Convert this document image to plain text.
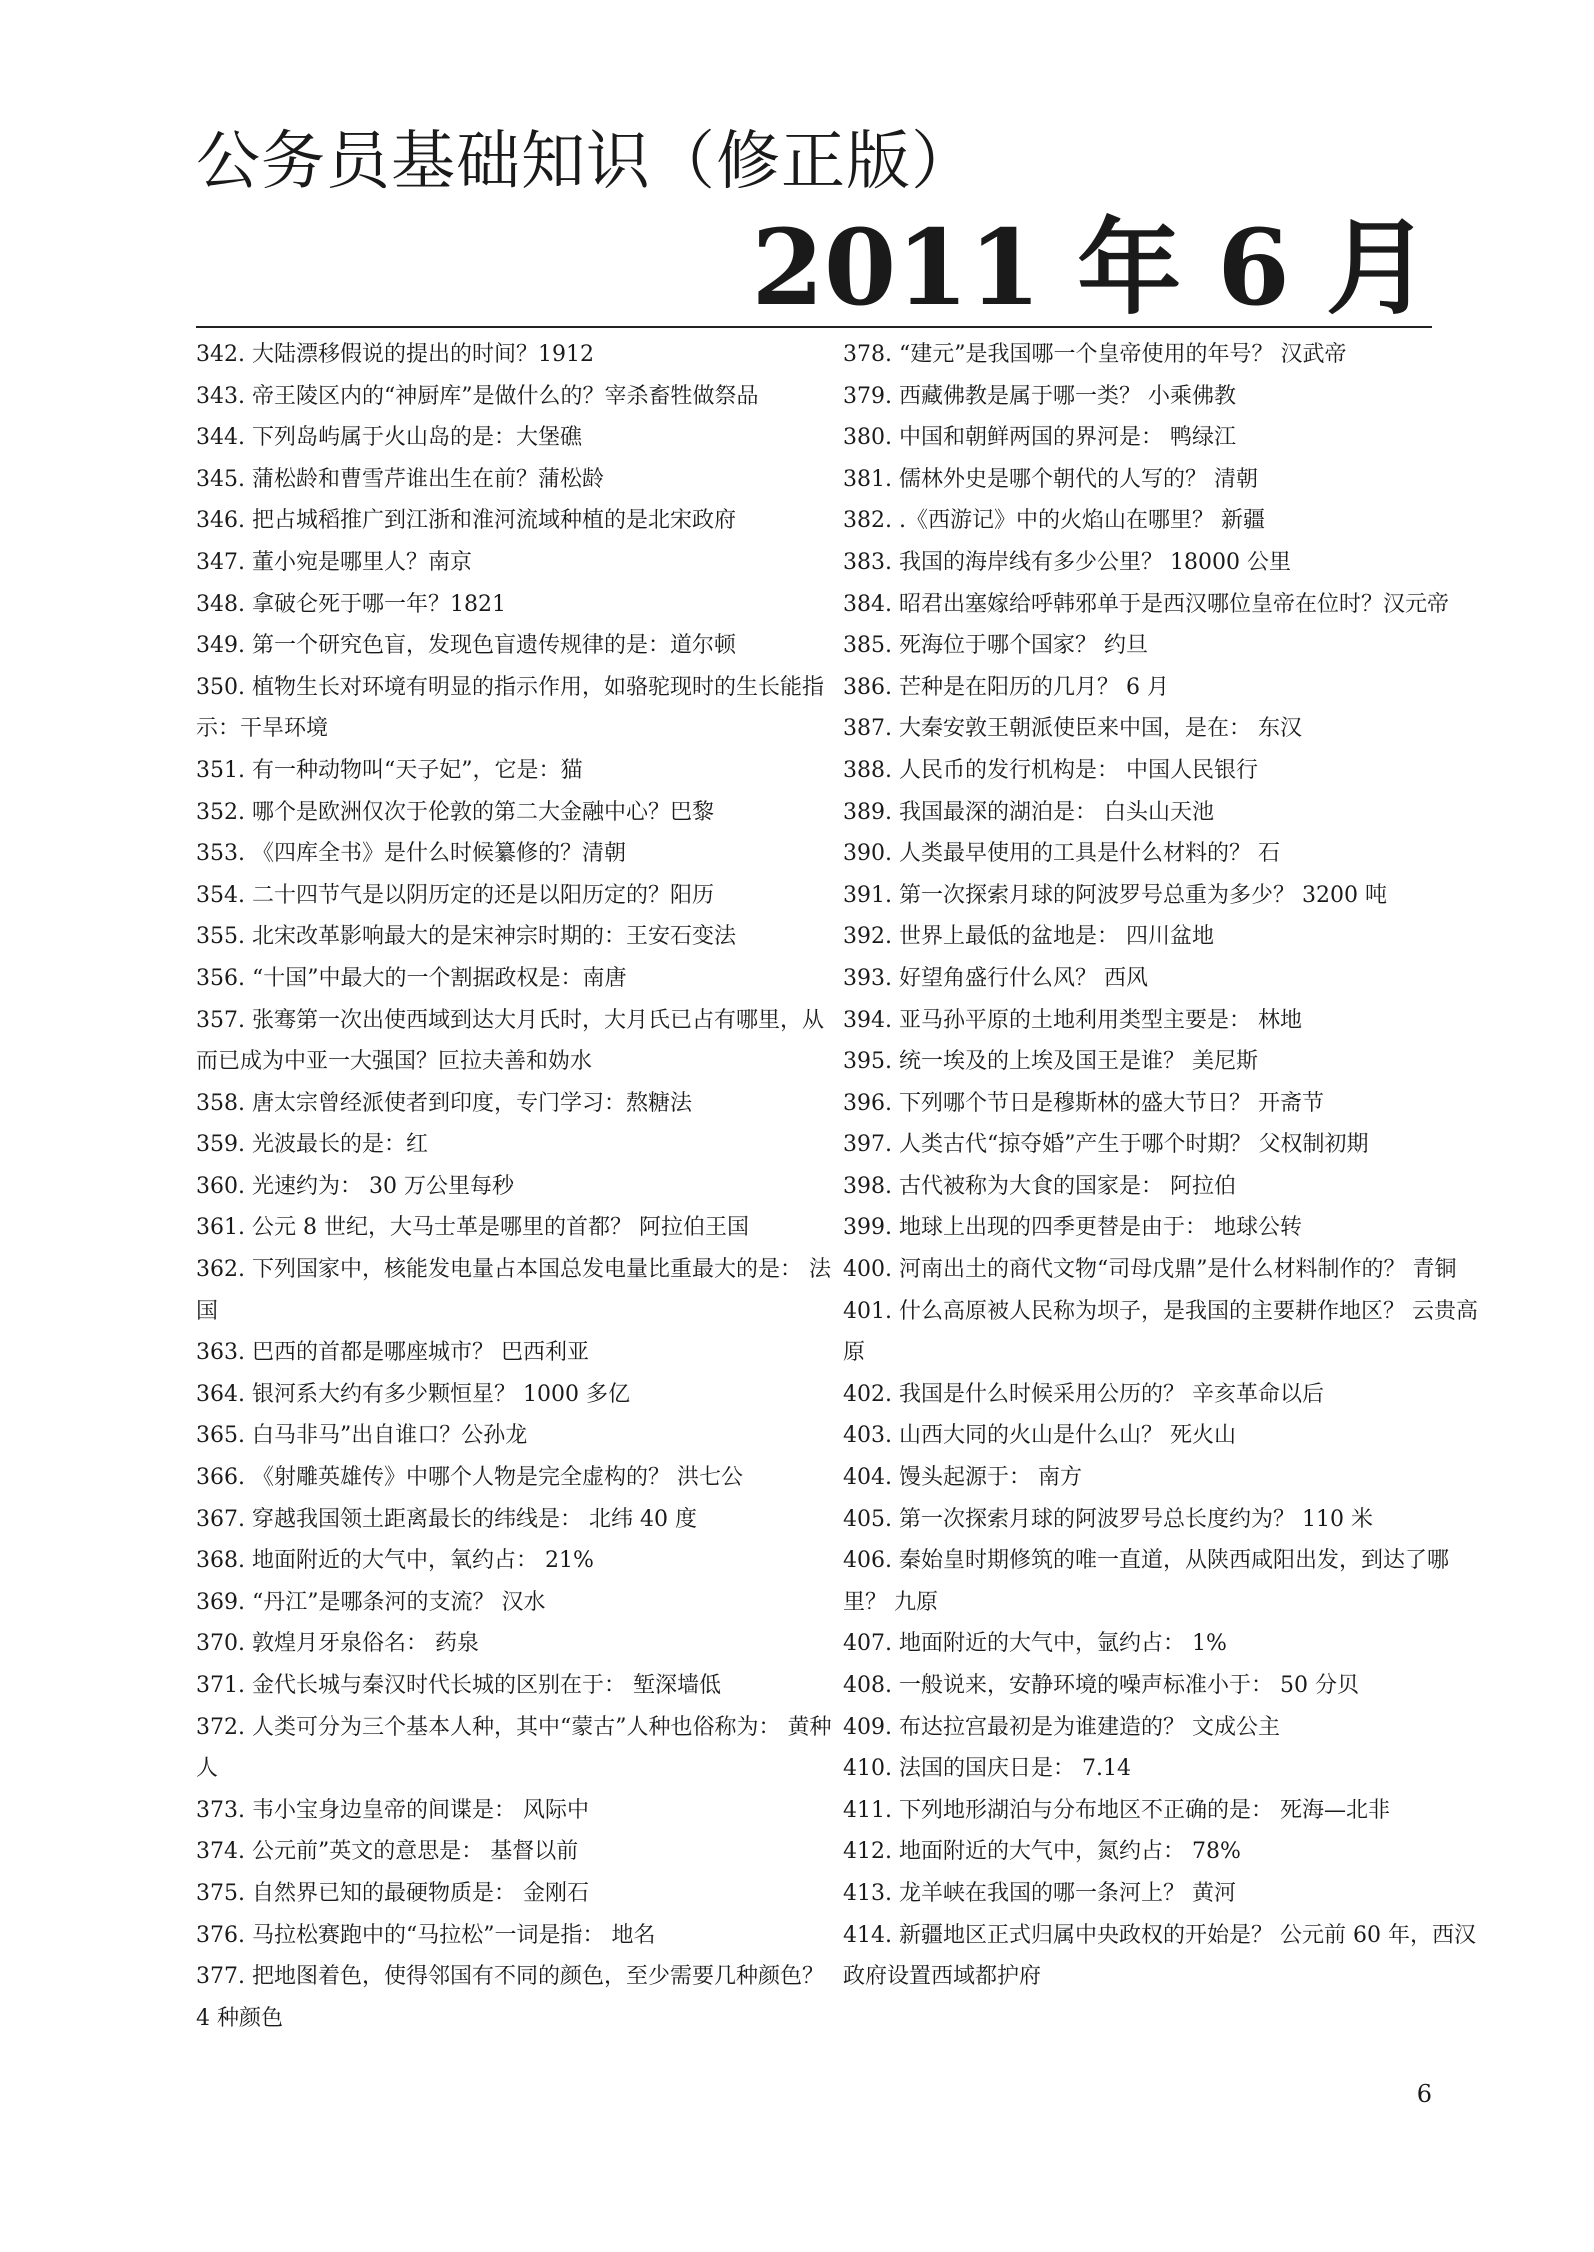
公务员基础知识（修正版）
2011 年 6 月
342. 大陆漂移假说的提出的时间？1912
343. 帝王陵区内的“神厨库”是做什么的？宰杀畜牲做祭品
344. 下列岛屿属于火山岛的是：大堡礁
345. 蒲松龄和曹雪芹谁出生在前？蒲松龄
346. 把占城稻推广到江浙和淮河流域种植的是北宋政府
347. 董小宛是哪里人？南京
348. 拿破仑死于哪一年？1821
349. 第一个研究色盲，发现色盲遗传规律的是：道尔顿
350. 植物生长对环境有明显的指示作用，如骆驼现时的生长能指示：干旱环境
351. 有一种动物叫“天子妃”，它是：猫
352. 哪个是欧洲仅次于伦敦的第二大金融中心？巴黎
353. 《四库全书》是什么时候纂修的？清朝
354. 二十四节气是以阴历定的还是以阳历定的？阳历
355. 北宋改革影响最大的是宋神宗时期的：王安石变法
356. “十国”中最大的一个割据政权是：南唐
357. 张骞第一次出使西域到达大月氏时，大月氏已占有哪里，从而已成为中亚一大强国？叵拉夫善和妫水
358. 唐太宗曾经派使者到印度，专门学习：熬糖法
359. 光波最长的是：红
360. 光速约为： 30 万公里每秒
361. 公元 8 世纪，大马士革是哪里的首都？ 阿拉伯王国
362. 下列国家中，核能发电量占本国总发电量比重最大的是： 法国
363. 巴西的首都是哪座城市？ 巴西利亚
364. 银河系大约有多少颗恒星？ 1000 多亿
365. 白马非马”出自谁口？公孙龙
366. 《射雕英雄传》中哪个人物是完全虚构的？ 洪七公
367. 穿越我国领土距离最长的纬线是： 北纬 40 度
368. 地面附近的大气中，氧约占： 21%
369. “丹江”是哪条河的支流？ 汉水
370. 敦煌月牙泉俗名： 药泉
371. 金代长城与秦汉时代长城的区别在于： 堑深墙低
372. 人类可分为三个基本人种，其中“蒙古”人种也俗称为： 黄种人
373. 韦小宝身边皇帝的间谍是： 风际中
374. 公元前”英文的意思是： 基督以前
375. 自然界已知的最硬物质是： 金刚石
376. 马拉松赛跑中的“马拉松”一词是指： 地名
377. 把地图着色，使得邻国有不同的颜色，至少需要几种颜色？ 4 种颜色
378. “建元”是我国哪一个皇帝使用的年号？ 汉武帝
379. 西藏佛教是属于哪一类？ 小乘佛教
380. 中国和朝鲜两国的界河是： 鸭绿江
381. 儒林外史是哪个朝代的人写的？ 清朝
382. .《西游记》中的火焰山在哪里？ 新疆
383. 我国的海岸线有多少公里？ 18000 公里
384. 昭君出塞嫁给呼韩邪单于是西汉哪位皇帝在位时？汉元帝
385. 死海位于哪个国家？ 约旦
386. 芒种是在阳历的几月？ 6 月
387. 大秦安敦王朝派使臣来中国，是在： 东汉
388. 人民币的发行机构是： 中国人民银行
389. 我国最深的湖泊是： 白头山天池
390. 人类最早使用的工具是什么材料的？ 石
391. 第一次探索月球的阿波罗号总重为多少？ 3200 吨
392. 世界上最低的盆地是： 四川盆地
393. 好望角盛行什么风？ 西风
394. 亚马孙平原的土地利用类型主要是： 林地
395. 统一埃及的上埃及国王是谁？ 美尼斯
396. 下列哪个节日是穆斯林的盛大节日？ 开斋节
397. 人类古代“掠夺婚”产生于哪个时期？ 父权制初期
398. 古代被称为大食的国家是： 阿拉伯
399. 地球上出现的四季更替是由于： 地球公转
400. 河南出土的商代文物“司母戊鼎”是什么材料制作的？ 青铜
401. 什么高原被人民称为坝子，是我国的主要耕作地区？ 云贵高原
402. 我国是什么时候采用公历的？ 辛亥革命以后
403. 山西大同的火山是什么山？ 死火山
404. 馒头起源于： 南方
405. 第一次探索月球的阿波罗号总长度约为？ 110 米
406. 秦始皇时期修筑的唯一直道，从陕西咸阳出发，到达了哪里？ 九原
407. 地面附近的大气中，氩约占： 1%
408. 一般说来，安静环境的噪声标准小于： 50 分贝
409. 布达拉宫最初是为谁建造的？ 文成公主
410. 法国的国庆日是： 7.14
411. 下列地形湖泊与分布地区不正确的是： 死海—北非
412. 地面附近的大气中，氮约占： 78%
413. 龙羊峡在我国的哪一条河上？ 黄河
414. 新疆地区正式归属中央政权的开始是？ 公元前 60 年，西汉政府设置西域都护府
6
